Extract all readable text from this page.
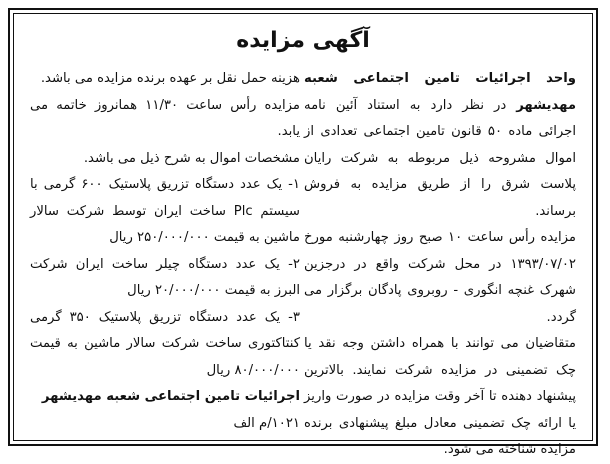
آگهی مزایده

واحد اجرائیات تامین اجتماعی شعبه مهدیشهر در نظر دارد به استناد آئین نامه اجرائی ماده ۵۰ قانون تامین اجتماعی تعدادی از اموال مشروحه ذیل مربوطه به شرکت رایان پلاست شرق را از طریق مزایده به فروش برساند.

مزایده رأس ساعت ۱۰ صبح روز چهارشنبه مورخ ۱۳۹۳/۰۷/۰۲ در محل شرکت واقع در درجزین شهرک غنچه انگوری - روبروی پادگان برگزار می گردد.

متقاضیان می توانند با همراه داشتن وجه نقد یا چک تضمینی در مزایده شرکت نمایند. بالاترین پیشنهاد دهنده تا آخر وقت مزایده در صورت واریز یا ارائه چک تضمینی معادل مبلغ پیشنهادی برنده مزایده شناخته می شود.

هزینه حمل نقل بر عهده برنده مزایده می باشد.

مزایده رأس ساعت ۱۱/۳۰ همانروز خاتمه می یابد.

مشخصات اموال به شرح ذیل می باشد.

۱- یک عدد دستگاه تزریق پلاستیک ۶۰۰ گرمی با سیستم Plc ساخت ایران توسط شرکت سالار ماشین به قیمت ۲۵۰/۰۰۰/۰۰۰ ریال

۲- یک عدد دستگاه چیلر ساخت ایران شرکت البرز به قیمت ۲۰/۰۰۰/۰۰۰ ریال

۳- یک عدد دستگاه تزریق پلاستیک ۳۵۰ گرمی کنتاکتوری ساخت شرکت سالار ماشین به قیمت ۸۰/۰۰۰/۰۰۰ ریال

اجرائیات تامین اجتماعی شعبه مهدیشهر

۱۰۲۱/م الف
